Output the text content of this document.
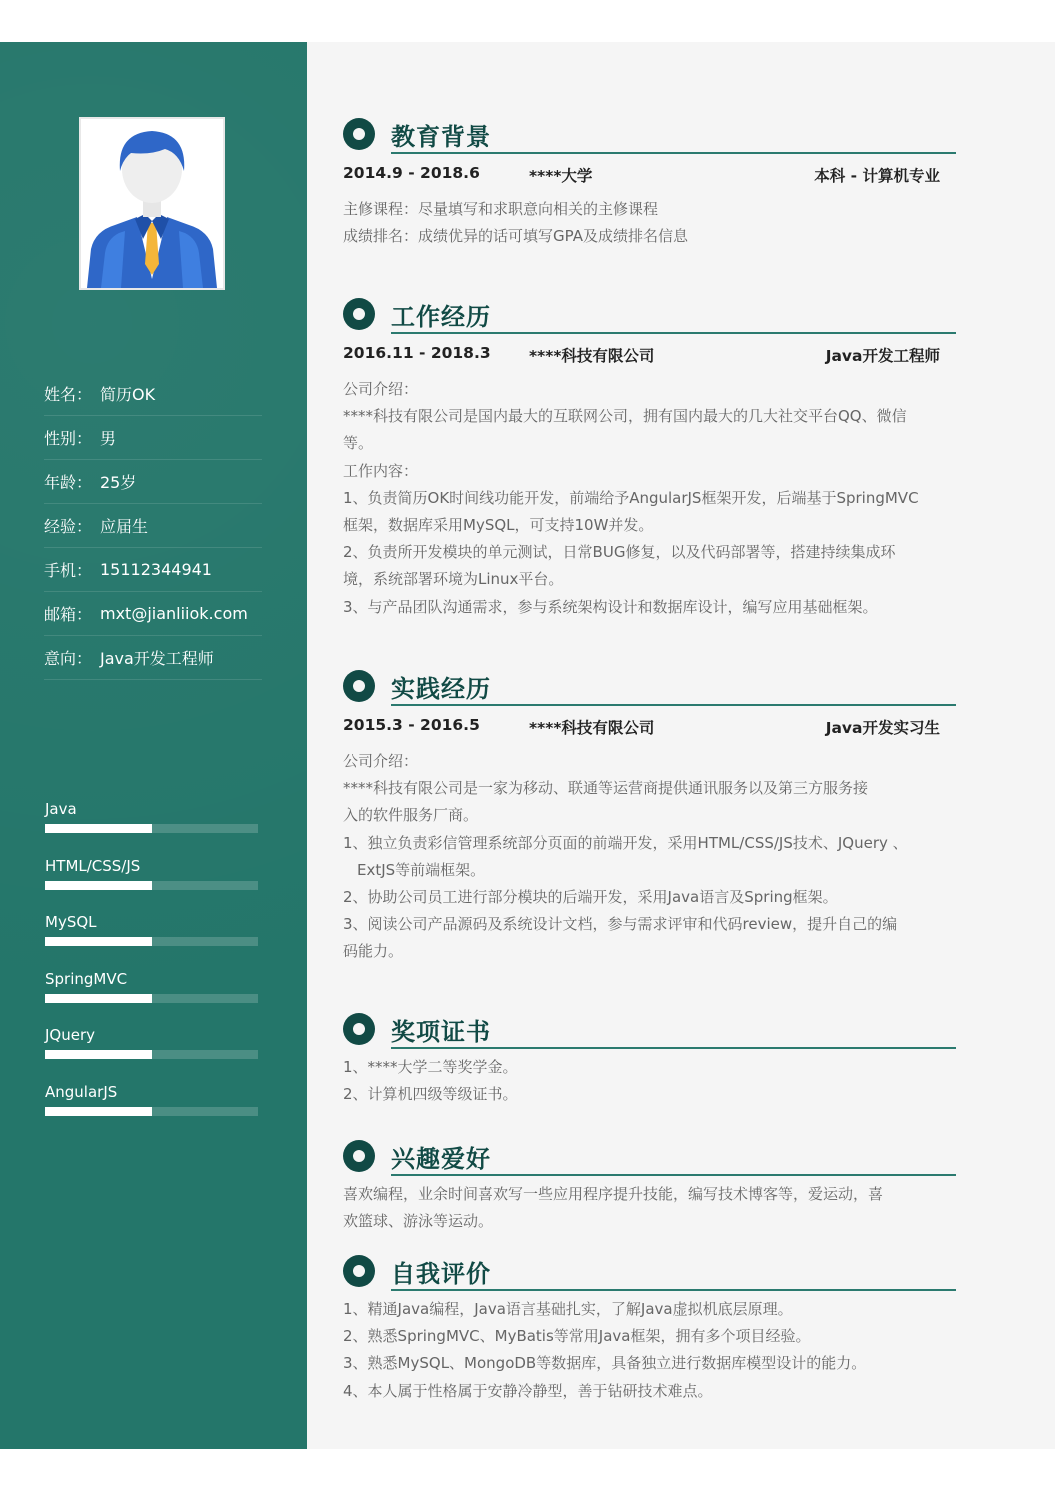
姓名： 简历OK
性别： 男
年龄： 25岁
经验： 应届生
手机： 15112344941
邮箱： mxt@jianliiok.com
意向： Java开发工程师
Java
HTML/CSS/JS
MySQL
SpringMVC
JQuery
AngularJS
教育背景
2014.9 - 2018.6	****大学	本科 - 计算机专业
主修课程：尽量填写和求职意向相关的主修课程
成绩排名：成绩优异的话可填写GPA及成绩排名信息
工作经历
2016.11 - 2018.3 ****科技有限公司	Java开发工程师
公司介绍：
****科技有限公司是国内最大的互联网公司，拥有国内最大的几大社交平台QQ、微信
等。
工作内容：
1、负责简历OK时间线功能开发，前端给予AngularJS框架开发，后端基于SpringMVC
框架，数据库采用MySQL，可支持10W并发。
2、负责所开发模块的单元测试，日常BUG修复，以及代码部署等，搭建持续集成环
境，系统部署环境为Linux平台。
3、与产品团队沟通需求，参与系统架构设计和数据库设计，编写应用基础框架。
实践经历
2015.3 - 2016.5	****科技有限公司	Java开发实习生
公司介绍：
****科技有限公司是一家为移动、联通等运营商提供通讯服务以及第三方服务接
入的软件服务厂商。
1、独立负责彩信管理系统部分页面的前端开发，采用HTML/CSS/JS技术、JQuery 、
ExtJS等前端框架。
2、协助公司员工进行部分模块的后端开发，采用Java语言及Spring框架。
3、阅读公司产品源码及系统设计文档，参与需求评审和代码review，提升自己的编
码能力。
奖项证书
1、****大学二等奖学金。
2、计算机四级等级证书。
兴趣爱好
喜欢编程，业余时间喜欢写一些应用程序提升技能，编写技术博客等，爱运动，喜
欢篮球、游泳等运动。
自我评价
1、精通Java编程，Java语言基础扎实，了解Java虚拟机底层原理。
2、熟悉SpringMVC、MyBatis等常用Java框架，拥有多个项目经验。
3、熟悉MySQL、MongoDB等数据库，具备独立进行数据库模型设计的能力。
4、本人属于性格属于安静冷静型，善于钻研技术难点。
